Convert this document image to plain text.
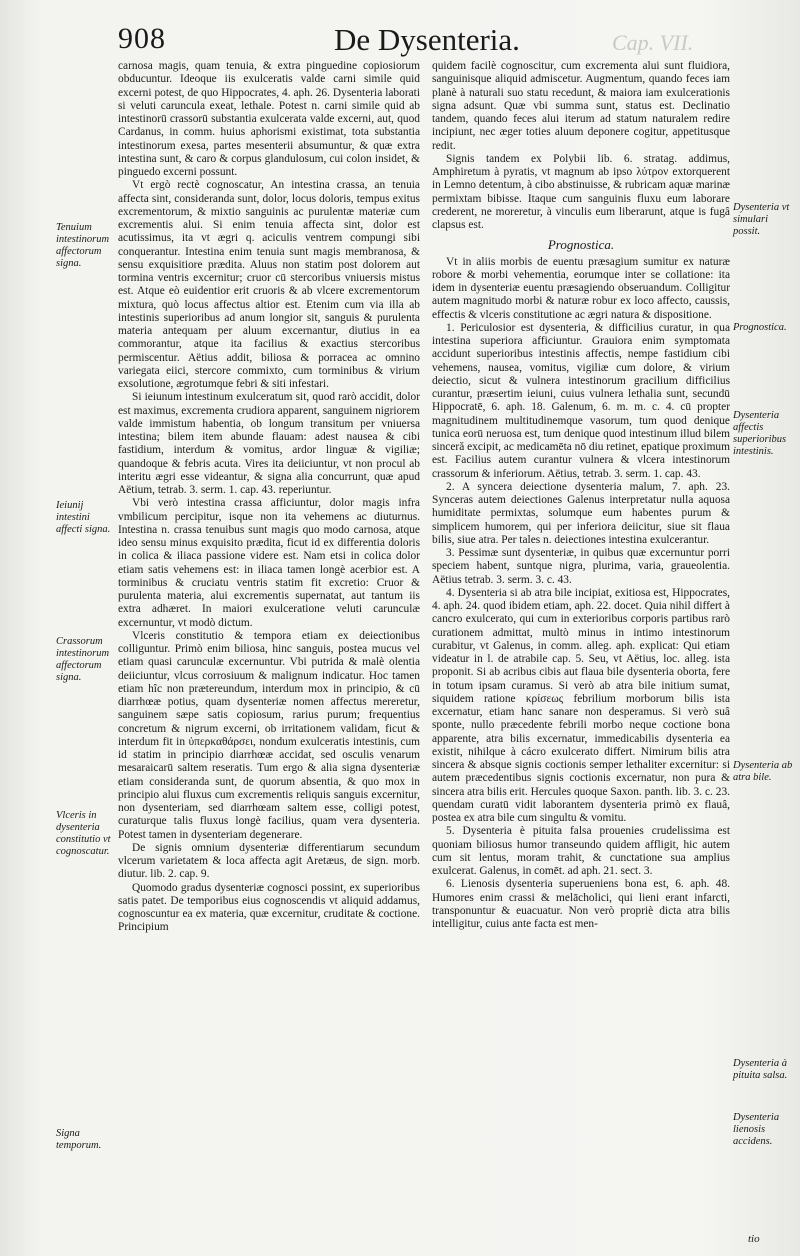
908	De Dysenteria.	Cap. VII.
Tenuium intestinorum affectorum signa.
Ieiunij intestini affecti signa.
Crassorum intestinorum affectorum signa.
Vlceris in dysenteria constitutio vt cognoscatur.
Signa temporum.
Dysenteria vt simulari possit.
Prognostica.
Dysenteria affectis superioribus intestinis.
Dysenteria ab atra bile.
Dysenteria à pituita salsa.
Dysenteria lienosis accidens.

carnosa magis, quam tenuia, & extra pinguedine copiosiorum obducuntur. Ideoque iis exulceratis valde carni simile quid excerni potest, de quo Hippocrates, 4. aph. 26. Dysenteria laborati si veluti caruncula exeat, lethale. Potest n. carni simile quid ab intestinorū crassorū substantia exulcerata valde excerni, aut, quod Cardanus, in comm. huius aphorismi existimat, tota substantia intestinorum exesa, partes mesenterii absumuntur, & quæ extra intestina sunt, & caro & corpus glandulosum, cui colon insidet, & pinguedo excerni possunt.

Vt ergò rectè cognoscatur, An intestina crassa, an tenuia affecta sint, consideranda sunt, dolor, locus doloris, tempus exitus excrementorum, & mixtio sanguinis ac purulentæ materiæ cum excrementis alui. Si enim tenuia affecta sint, dolor est acutissimus, ita vt ægri q. aciculis ventrem compungi sibi conquerantur. Intestina enim tenuia sunt magis membranosa, & sensu exquisitiore prædita. Aluus non statim post dolorem aut tormina ventris excernitur; cruor cū stercoribus vniuersis mistus est. Atque eò euidentior erit cruoris & ab vlcere excrementorum mixtura, quò locus affectus altior est. Etenim cum via illa ab intestinis superioribus ad anum longior sit, sanguis & purulenta materia antequam per aluum excernantur, diutius in ea commorantur, atque ita facilius & exactius stercoribus permiscentur. Aëtius addit, biliosa & porracea ac omnino variegata eiici, stercore commixto, cum torminibus & virium exsolutione, ægrotumque febri & siti infestari.

Si ieiunum intestinum exulceratum sit, quod rarò accidit, dolor est maximus, excrementa crudiora apparent, sanguinem nigriorem valde immistum habentia, ob longum transitum per vniuersa intestina; bilem item abunde flauam: adest nausea & cibi fastidium, interdum & vomitus, ardor linguæ & vigiliæ; quandoque & febris acuta. Vires ita deiiciuntur, vt non procul ab interitu ægri esse videantur, & signa alia concurrunt, quæ apud Aëtium, tetrab. 3. serm. 1. cap. 43. reperiuntur.

Vbi verò intestina crassa afficiuntur, dolor magis infra vmbilicum percipitur, isque non ita vehemens ac diuturnus. Intestina n. crassa tenuibus sunt magis quo modo carnosa, atque ideo sensu minus exquisito prædita, ficut id ex differentia doloris in colica & iliaca passione videre est. Nam etsi in colica dolor etiam satis vehemens est: in iliaca tamen longè acerbior est. A torminibus & cruciatu ventris statim fit excretio: Cruor & purulenta materia, alui excrementis supernatat, aut tantum iis extra adhæret. In maiori exulceratione veluti carunculæ excernuntur, vt modò dictum.

Vlceris constitutio & tempora etiam ex deiectionibus colliguntur. Primò enim biliosa, hinc sanguis, postea mucus vel etiam quasi carunculæ excernuntur. Vbi putrida & malè olentia deiiciuntur, vlcus corrosiuum & malignum indicatur. Hoc tamen etiam hîc non prætereundum, interdum mox in principio, & cū diarrhœæ potius, quam dysenteriæ nomen affectus mereretur, sanguinem sæpe satis copiosum, rarius purum; frequentius concretum & nigrum excerni, ob irritationem validam, ficut & interdum fit in ὑπερκαθάρσει, nondum exulceratis intestinis, cum id statim in principio diarrhœæ accidat, sed osculis venarum mesaraicarū saltem reseratis. Tum ergo & alia signa dysenteriæ etiam consideranda sunt, de quorum absentia, & quo mox in principio alui fluxus cum excrementis reliquis sanguis excernitur, non dysenteriam, sed diarrhœam saltem esse, colligi potest, curaturque talis fluxus longè facilius, quam vera dysenteria. Potest tamen in dysenteriam degenerare.

De signis omnium dysenteriæ differentiarum secundum vlcerum varietatem & loca affecta agit Aretæus, de sign. morb. diutur. lib. 2. cap. 9.

Quomodo gradus dysenteriæ cognosci possint, ex superioribus satis patet. De temporibus eius cognoscendis vt aliquid addamus, cognoscuntur ea ex materia, quæ excernitur, cruditate & coctione. Principium

quidem facilè cognoscitur, cum excrementa alui sunt fluidiora, sanguinisque aliquid admiscetur. Augmentum, quando feces iam planè à naturali suo statu recedunt, & maiora iam exulcerationis signa adsunt. Quæ vbi summa sunt, status est. Declinatio tandem, quando feces alui iterum ad statum naturalem redire incipiunt, nec æger toties aluum deponere cogitur, appetitusque redit.

Signis tandem ex Polybii lib. 6. stratag. addimus, Amphiretum à pyratis, vt magnum ab ipso λύτρον extorquerent in Lemno detentum, à cibo abstinuisse, & rubricam aquæ marinæ permixtam bibisse. Itaque cum sanguinis fluxu eum laborare crederent, ne moreretur, à vinculis eum liberarunt, atque is fugâ clapsus est.

Prognostica.

Vt in aliis morbis de euentu præsagium sumitur ex naturæ robore & morbi vehementia, eorumque inter se collatione: ita idem in dysenteriæ euentu præsagiendo obseruandum. Colligitur autem magnitudo morbi & naturæ robur ex loco affecto, caussis, effectis & vlceris constitutione ac ægri natura & dispositione.

1. Periculosior est dysenteria, & difficilius curatur, in qua intestina superiora afficiuntur. Grauiora enim symptomata accidunt superioribus intestinis affectis, nempe fastidium cibi vehemens, nausea, vomitus, vigiliæ cum dolore, & virium deiectio, sicut & vulnera intestinorum gracilium difficilius curantur, præsertim ieiuni, cuius vulnera lethalia sunt, secundū Hippocratē, 6. aph. 18. Galenum, 6. m. m. c. 4. cū propter magnitudinem multitudinemque vasorum, tum quod denique tunica eorū neruosa est, tum denique quod intestinum illud bilem sinceră excipit, ac medicamēta nō diu retinet, epatique proximum est. Facilius autem curantur vulnera & vlcera intestinorum crassorum & inferiorum. Aëtius, tetrab. 3. serm. 1. cap. 43.

2. A syncera deiectione dysenteria malum, 7. aph. 23. Synceras autem deiectiones Galenus interpretatur nulla aquosa humiditate permixtas, solumque eum habentes purum & simplicem humorem, qui per inferiora deiicitur, siue sit flaua bilis, siue atra. Per tales n. deiectiones intestina exulcerantur.

3. Pessimæ sunt dysenteriæ, in quibus quæ excernuntur porri speciem habent, suntque nigra, plurima, varia, graueolentia. Aëtius tetrab. 3. serm. 3. c. 43.

4. Dysenteria si ab atra bile incipiat, exitiosa est, Hippocrates, 4. aph. 24. quod ibidem etiam, aph. 22. docet. Quia nihil differt à cancro exulcerato, qui cum in exterioribus corporis partibus rarò curationem admittat, multò minus in intimo intestinorum curabitur, vt Galenus, in comm. alleg. aph. explicat: Qui etiam videatur in l. de atrabile cap. 5. Seu, vt Aëtius, loc. alleg. ista proponit. Si ab acribus cibis aut flaua bile dysenteria oborta, fere in totum ipsam curamus. Si verò ab atra bile initium sumat, siquidem ratione κρίσεως febrilium morborum bilis ista excernatur, etiam hanc sanare non desperamus. Si verò suâ sponte, nullo præcedente febrili morbo neque coctione bona apparente, atra bilis excernatur, immedicabilis dysenteria ea existit, nihilque à cácro exulcerato differt. Nimirum bilis atra sincera & absque signis coctionis semper lethaliter excernitur: si autem præcedentibus signis coctionis excernatur, non pura & sincera atra bilis erit. Hercules quoque Saxon. panth. lib. 3. c. 23. quendam curatū vidit laborantem dysenteria primò ex flauâ, postea ex atra bile cum singultu & vomitu.

5. Dysenteria è pituita falsa prouenies crudelissima est quoniam biliosus humor transeundo quidem affligit, hic autem cum sit lentus, moram trahit, & cunctatione sua amplius exulcerat. Galenus, in comēt. ad aph. 21. sect. 3.

6. Lienosis dysenteria superueniens bona est, 6. aph. 48. Humores enim crassi & melācholici, qui lieni erant infarcti, transponuntur & euacuatur. Non verò propriè dicta atra bilis intelligitur, cuius ante facta est men-

tio
